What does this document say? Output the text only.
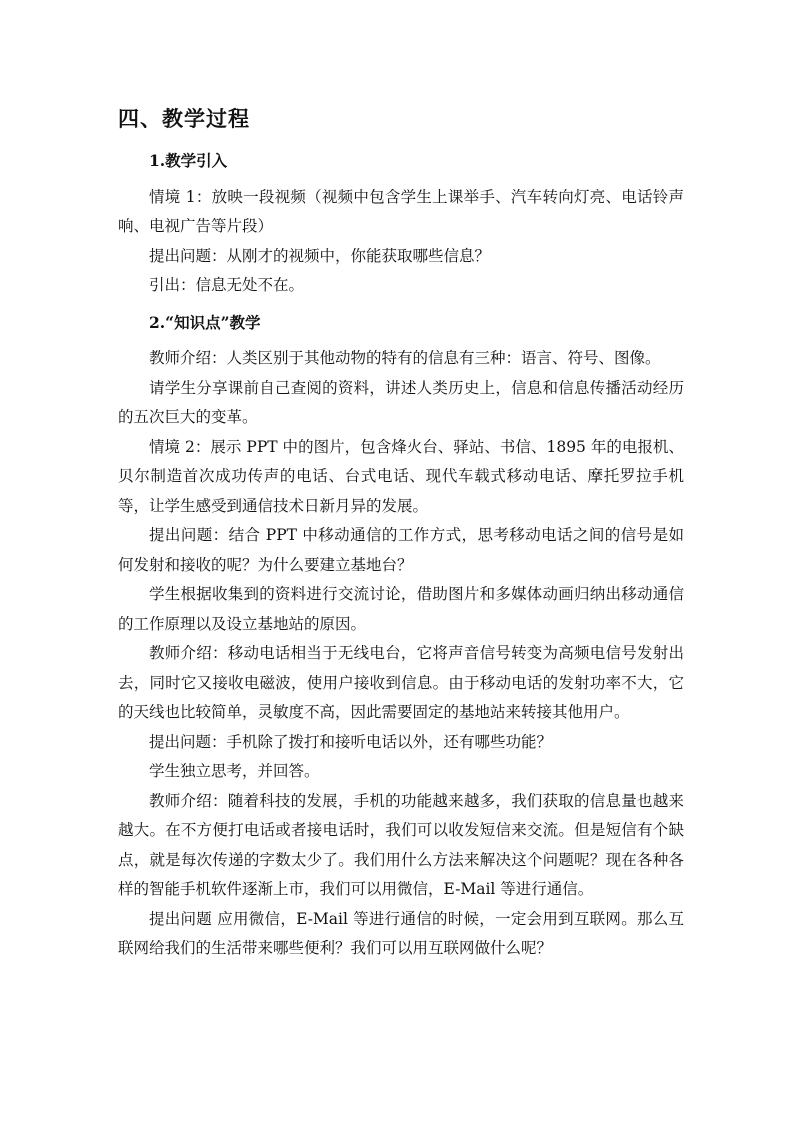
四、教学过程

1.教学引入

情境 1：放映一段视频（视频中包含学生上课举手、汽车转向灯亮、电话铃声响、电视广告等片段）

提出问题：从刚才的视频中，你能获取哪些信息？

引出：信息无处不在。

2.“知识点”教学

教师介绍：人类区别于其他动物的特有的信息有三种：语言、符号、图像。

请学生分享课前自己查阅的资料，讲述人类历史上，信息和信息传播活动经历的五次巨大的变革。

情境 2：展示 PPT 中的图片，包含烽火台、驿站、书信、1895 年的电报机、贝尔制造首次成功传声的电话、台式电话、现代车载式移动电话、摩托罗拉手机等，让学生感受到通信技术日新月异的发展。

提出问题：结合 PPT 中移动通信的工作方式，思考移动电话之间的信号是如何发射和接收的呢？为什么要建立基地台？

学生根据收集到的资料进行交流讨论，借助图片和多媒体动画归纳出移动通信的工作原理以及设立基地站的原因。

教师介绍：移动电话相当于无线电台，它将声音信号转变为高频电信号发射出去，同时它又接收电磁波，使用户接收到信息。由于移动电话的发射功率不大，它的天线也比较简单，灵敏度不高，因此需要固定的基地站来转接其他用户。

提出问题：手机除了拨打和接听电话以外，还有哪些功能？

学生独立思考，并回答。

教师介绍：随着科技的发展，手机的功能越来越多，我们获取的信息量也越来越大。在不方便打电话或者接电话时，我们可以收发短信来交流。但是短信有个缺点，就是每次传递的字数太少了。我们用什么方法来解决这个问题呢？现在各种各样的智能手机软件逐渐上市，我们可以用微信，E-Mail 等进行通信。

提出问题 应用微信，E-Mail 等进行通信的时候，一定会用到互联网。那么互联网给我们的生活带来哪些便利？我们可以用互联网做什么呢？
